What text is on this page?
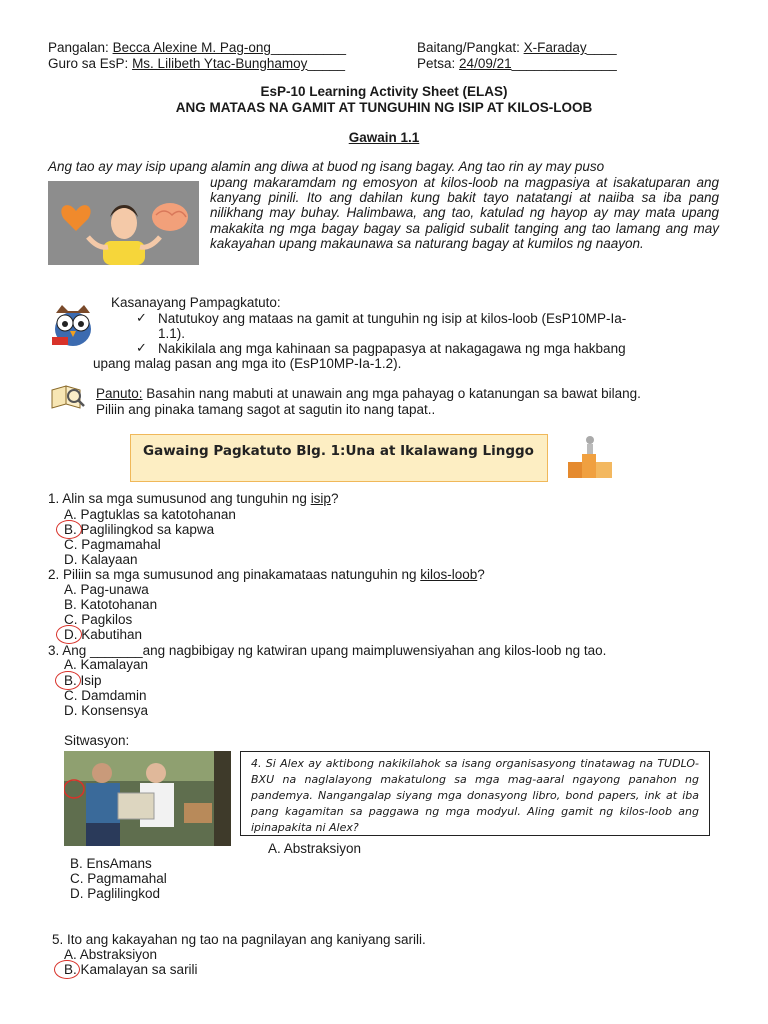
Pangalan: Becca Alexine M. Pag-ong__________	Baitang/Pangkat: X-Faraday____
Guro sa EsP: Ms. Lilibeth Ytac-Bunghamoy_____	Petsa: 24/09/21______________
EsP-10 Learning Activity Sheet (ELAS)
ANG MATAAS NA GAMIT AT TUNGUHIN NG ISIP AT KILOS-LOOB
Gawain 1.1
Ang tao ay may isip upang alamin ang diwa at buod ng isang bagay. Ang tao rin ay may puso
upang makaramdam ng emosyon at kilos-loob na magpasiya at isakatuparan ang kanyang pinili. Ito ang dahilan kung bakit tayo natatangi at naiiba sa iba pang nilikhang may buhay. Halimbawa, ang tao, katulad ng hayop ay may mata upang makakita ng mga bagay bagay sa paligid subalit tanging ang tao lamang ang may kakayahan upang makaunawa sa naturang bagay at kumilos ng naayon.
Kasanayang Pampagkatuto:
✓ Natutukoy ang mataas na gamit at tunguhin ng isip at kilos-loob (EsP10MP-Ia-
1.1).
✓ Nakikilala ang mga kahinaan sa pagpapasya at nakagagawa ng mga hakbang
upang malag pasan ang mga ito (EsP10MP-Ia-1.2).
Panuto: Basahin nang mabuti at unawain ang mga pahayag o katanungan sa bawat bilang.
Piliin ang pinaka tamang sagot at sagutin ito nang tapat..
Gawaing Pagkatuto Blg. 1:Una at Ikalawang Linggo
1. Alin sa mga sumusunod ang tunguhin ng isip?
A. Pagtuklas sa katotohanan
B. Paglilingkod sa kapwa
C. Pagmamahal
D. Kalayaan
2. Piliin sa mga sumusunod ang pinakamataas natunguhin ng kilos-loob?
A. Pag-unawa
B. Katotohanan
C. Pagkilos
D. Kabutihan
3. Ang _______ang nagbibigay ng katwiran upang maimpluwensiyahan ang kilos-loob ng tao.
A. Kamalayan
B. Isip
C. Damdamin
D. Konsensya
Sitwasyon:
4. Si Alex ay aktibong nakikilahok sa isang organisasyong tinatawag na TUDLO-BXU na naglalayong makatulong sa mga mag-aaral ngayong panahon ng pandemya. Nangangalap siyang mga donasyong libro, bond papers, ink at iba pang kagamitan sa paggawa ng mga modyul. Aling gamit ng kilos-loob ang ipinapakita ni Alex?
A. Abstraksiyon
B. EnsAmans
C. Pagmamahal
D. Paglilingkod
5. Ito ang kakayahan ng tao na pagnilayan ang kaniyang sarili.
A. Abstraksiyon
B. Kamalayan sa sarili
